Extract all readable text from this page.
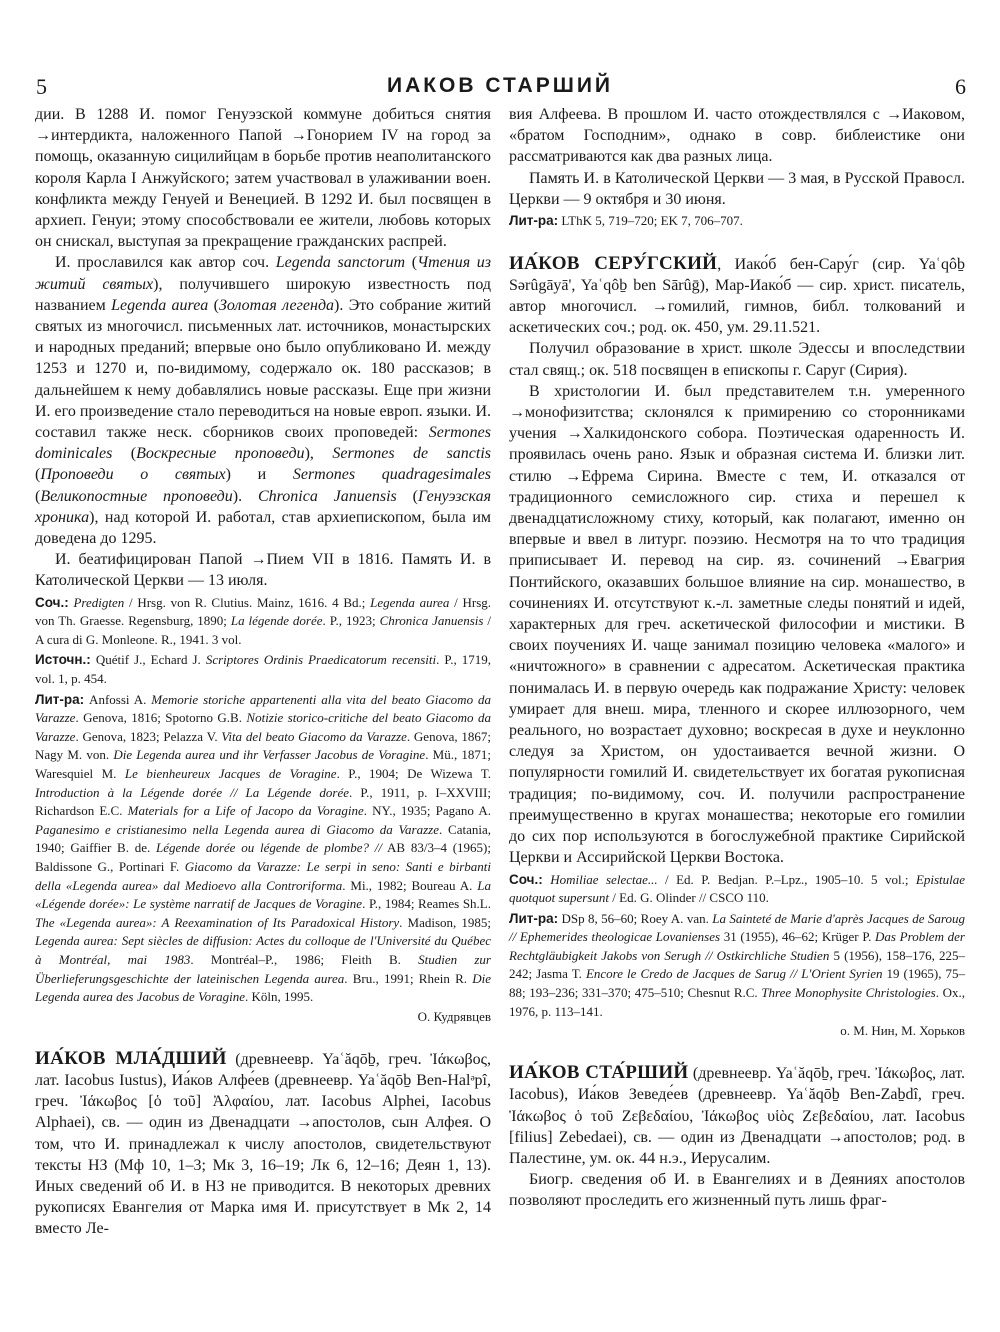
5	ИАКОВ СТАРШИЙ	6

дии. В 1288 И. помог Генуэзской коммуне добиться снятия →интердикта, наложенного Папой →Гонорием IV на город за помощь, оказанную сицилийцам в борьбе против неаполитанского короля Карла I Анжуйского; затем участвовал в улаживании воен. конфликта между Генуей и Венецией. В 1292 И. был посвящен в архиеп. Генуи; этому способствовали ее жители, любовь которых он снискал, выступая за прекращение гражданских распрей.

И. прославился как автор соч. Legenda sanctorum (Чтения из житий святых), получившего широкую известность под названием Legenda aurea (Золотая легенда). Это собрание житий святых из многочисл. письменных лат. источников, монастырских и народных преданий; впервые оно было опубликовано И. между 1253 и 1270 и, по-видимому, содержало ок. 180 рассказов; в дальнейшем к нему добавлялись новые рассказы. Еще при жизни И. его произведение стало переводиться на новые европ. языки. И. составил также неск. сборников своих проповедей: Sermones dominicales (Воскресные проповеди), Sermones de sanctis (Проповеди о святых) и Sermones quadragesimales (Великопостные проповеди). Chronica Januensis (Генуэзская хроника), над которой И. работал, став архиепископом, была им доведена до 1295.

И. беатифицирован Папой →Пием VII в 1816. Память И. в Католической Церкви — 13 июля.

Соч.: Predigten / Hrsg. von R. Clutius. Mainz, 1616. 4 Bd.; Legenda aurea / Hrsg. von Th. Graesse. Regensburg, 1890; La légende dorée. P., 1923; Chronica Januensis / A cura di G. Monleone. R., 1941. 3 vol.

Источн.: Quétif J., Echard J. Scriptores Ordinis Praedicatorum recensiti. P., 1719, vol. 1, p. 454.

Лит-ра: Anfossi A. Memorie storiche appartenenti alla vita del beato Giacomo da Varazze. Genova, 1816; Spotorno G.B. Notizie storico-critiche del beato Giacomo da Varazze. Genova, 1823; Pelazza V. Vita del beato Giacomo da Varazze. Genova, 1867; Nagy M. von. Die Legenda aurea und ihr Verfasser Jacobus de Voragine. Mü., 1871; Waresquiel M. Le bienheureux Jacques de Voragine. P., 1904; De Wizewa T. Introduction à la Légende dorée // La Légende dorée. P., 1911, p. I–XXVIII; Richardson E.C. Materials for a Life of Jacopo da Voragine. NY., 1935; Pagano A. Paganesimo e cristianesimo nella Legenda aurea di Giacomo da Varazze. Catania, 1940; Gaiffier B. de. Légende dorée ou légende de plombe? // AB 83/3–4 (1965); Baldissone G., Portinari F. Giacomo da Varazze: Le serpi in seno: Santi e birbanti della «Legenda aurea» dal Medioevo alla Controriforma. Mi., 1982; Boureau A. La «Légende dorée»: Le système narratif de Jacques de Voragine. P., 1984; Reames Sh.L. The «Legenda aurea»: A Reexamination of Its Paradoxical History. Madison, 1985; Legenda aurea: Sept siècles de diffusion: Actes du colloque de l'Université du Québec à Montréal, mai 1983. Montréal–P., 1986; Fleith B. Studien zur Überlieferungsgeschichte der lateinischen Legenda aurea. Bru., 1991; Rhein R. Die Legenda aurea des Jacobus de Voragine. Köln, 1995.

О. Кудрявцев

ИА́КОВ МЛА́ДШИЙ (древнеевр. Yaʿăqōḇ, греч. Ἰάκωβος, лат. Iacobus Iustus), Иа́ков Алфе́ев (древнеевр. Yaʿăqōḇ Ben-Halᵊpî, греч. Ἰάκωβος [ὁ τοῦ] Ἀλφαίου, лат. Iacobus Alphei, Iacobus Alphaei), св. — один из Двенадцати →апостолов, сын Алфея. О том, что И. принадлежал к числу апостолов, свидетельствуют тексты НЗ (Мф 10, 1–3; Мк 3, 16–19; Лк 6, 12–16; Деян 1, 13). Иных сведений об И. в НЗ не приводится. В некоторых древних рукописях Евангелия от Марка имя И. присутствует в Мк 2, 14 вместо Ле-

вия Алфеева. В прошлом И. часто отождествлялся с →Иаковом, «братом Господним», однако в совр. библеистике они рассматриваются как два разных лица.

Память И. в Католической Церкви — 3 мая, в Русской Правосл. Церкви — 9 октября и 30 июня.

Лит-ра: LThK 5, 719–720; EK 7, 706–707.

ИА́КОВ СЕРУ́ГСКИЙ, Иако́б бен-Сару́г (сир. Yaʿqôḇ Sərûgāyā', Yaʿqôḇ ben Sārûḡ), Мар-Иако́б — сир. христ. писатель, автор многочисл. →гомилий, гимнов, библ. толкований и аскетических соч.; род. ок. 450, ум. 29.11.521.

Получил образование в христ. школе Эдессы и впоследствии стал свящ.; ок. 518 посвящен в епископы г. Саруг (Сирия).

В христологии И. был представителем т.н. умеренного →монофизитства; склонялся к примирению со сторонниками учения →Халкидонского собора. Поэтическая одаренность И. проявилась очень рано. Язык и образная система И. близки лит. стилю →Ефрема Сирина. Вместе с тем, И. отказался от традиционного семисложного сир. стиха и перешел к двенадцатисложному стиху, который, как полагают, именно он впервые и ввел в литург. поэзию. Несмотря на то что традиция приписывает И. перевод на сир. яз. сочинений →Евагрия Понтийского, оказавших большое влияние на сир. монашество, в сочинениях И. отсутствуют к.-л. заметные следы понятий и идей, характерных для греч. аскетической философии и мистики. В своих поучениях И. чаще занимал позицию человека «малого» и «ничтожного» в сравнении с адресатом. Аскетическая практика понималась И. в первую очередь как подражание Христу: человек умирает для внеш. мира, тленного и скорее иллюзорного, чем реального, но возрастает духовно; воскресая в духе и неуклонно следуя за Христом, он удостаивается вечной жизни. О популярности гомилий И. свидетельствует их богатая рукописная традиция; по-видимому, соч. И. получили распространение преимущественно в кругах монашества; некоторые его гомилии до сих пор используются в богослужебной практике Сирийской Церкви и Ассирийской Церкви Востока.

Соч.: Homiliae selectae... / Ed. P. Bedjan. P.–Lpz., 1905–10. 5 vol.; Epistulae quotquot supersunt / Ed. G. Olinder // CSCO 110.

Лит-ра: DSp 8, 56–60; Roey A. van. La Sainteté de Marie d'après Jacques de Saroug // Ephemerides theologicae Lovanienses 31 (1955), 46–62; Krüger P. Das Problem der Rechtgläubigkeit Jakobs von Serugh // Ostkirchliche Studien 5 (1956), 158–176, 225–242; Jasma T. Encore le Credo de Jacques de Sarug // L'Orient Syrien 19 (1965), 75–88; 193–236; 331–370; 475–510; Chesnut R.C. Three Monophysite Christologies. Ox., 1976, p. 113–141.

о. М. Нин, М. Хорьков

ИА́КОВ СТА́РШИЙ (древнеевр. Yaʿăqōḇ, греч. Ἰάκωβος, лат. Iacobus), Иа́ков Зеведе́ев (древнеевр. Yaʿăqōḇ Ben-Zaḇdî, греч. Ἰάκωβος ὁ τοῦ Ζεβεδαίου, Ἰάκωβος υἱὸς Ζεβεδαίου, лат. Iacobus [filius] Zebedaei), св. — один из Двенадцати →апостолов; род. в Палестине, ум. ок. 44 н.э., Иерусалим.

Биогр. сведения об И. в Евангелиях и в Деяниях апостолов позволяют проследить его жизненный путь лишь фраг-
